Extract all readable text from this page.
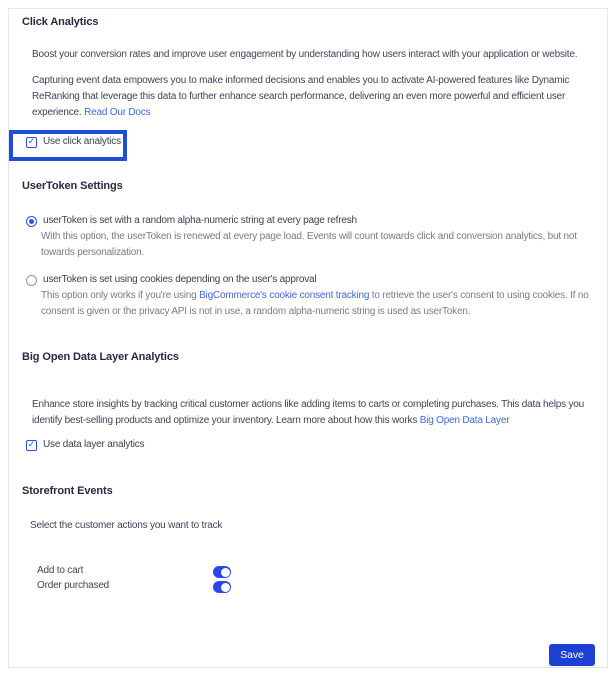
Click Analytics

Boost your conversion rates and improve user engagement by understanding how users interact with your application or website.

Capturing event data empowers you to make informed decisions and enables you to activate AI-powered features like Dynamic ReRanking that leverage this data to further enhance search performance, delivering an even more powerful and efficient user experience. Read Our Docs

✓ Use click analytics
UserToken Settings
userToken is set with a random alpha-numeric string at every page refresh

With this option, the userToken is renewed at every page load. Events will count towards click and conversion analytics, but not towards personalization.

userToken is set using cookies depending on the user's approval

This option only works if you're using BigCommerce's cookie consent tracking to retrieve the user's consent to using cookies. If no consent is given or the privacy API is not in use, a random alpha-numeric string is used as userToken.

Big Open Data Layer Analytics

Enhance store insights by tracking critical customer actions like adding items to carts or completing purchases. This data helps you identify best-selling products and optimize your inventory. Learn more about how this works Big Open Data Layer

✓ Use data layer analytics
Storefront Events

Select the customer actions you want to track

Add to cart
Order purchased
Save
